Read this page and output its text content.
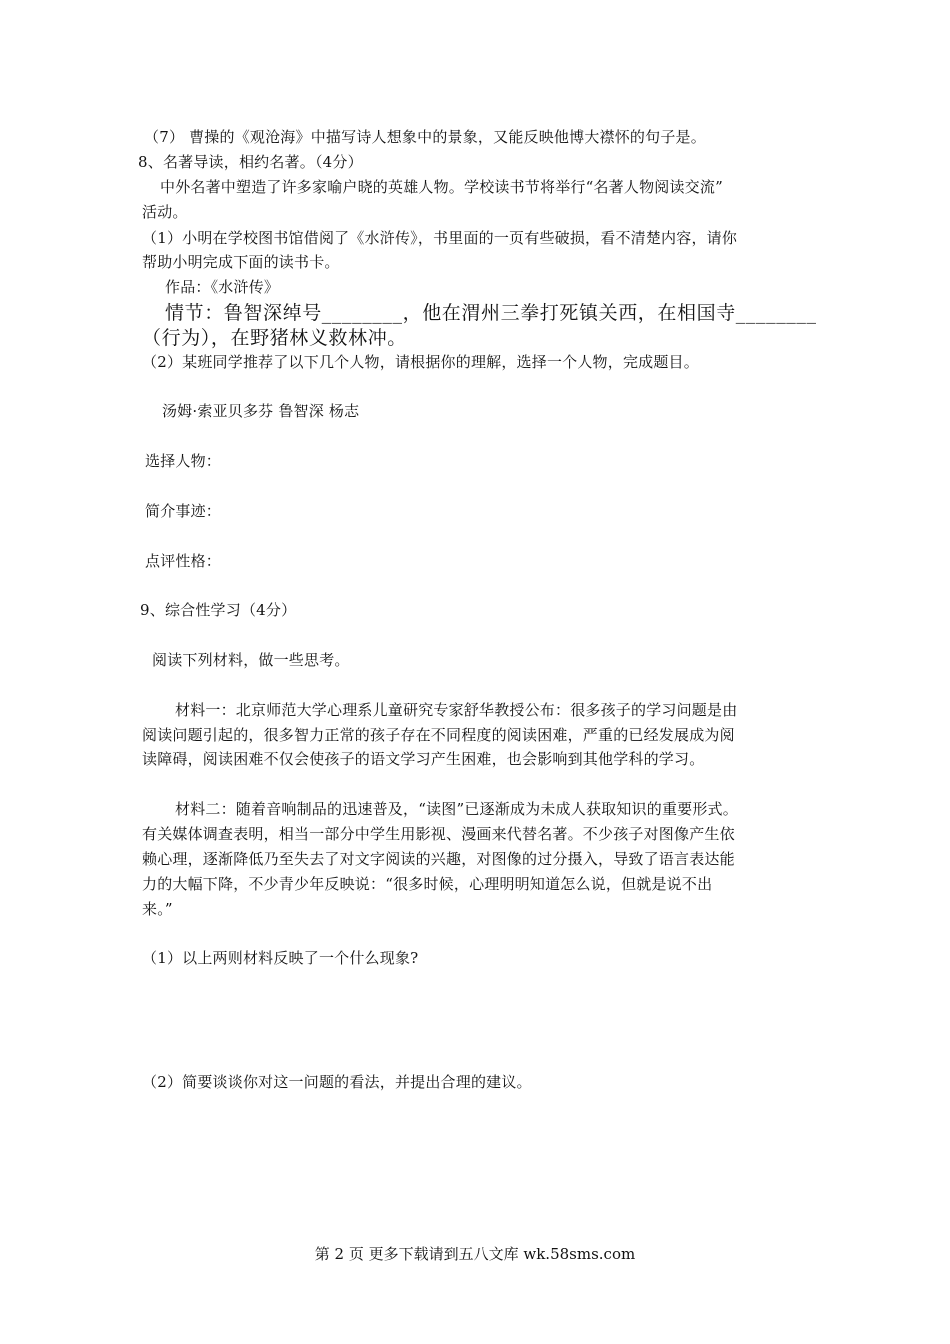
（7） 曹操的《观沧海》中描写诗人想象中的景象，又能反映他博大襟怀的句子是。
8、名著导读，相约名著。（4分）
中外名著中塑造了许多家喻户晓的英雄人物。学校读书节将举行“名著人物阅读交流”
活动。
（1）小明在学校图书馆借阅了《水浒传》，书里面的一页有些破损，看不清楚内容，请你
帮助小明完成下面的读书卡。
作品：《水浒传》
情节：鲁智深绰号________，他在渭州三拳打死镇关西，在相国寺________
（行为），在野猪林义救林冲。
（2）某班同学推荐了以下几个人物，请根据你的理解，选择一个人物，完成题目。
汤姆·索亚贝多芬 鲁智深 杨志
选择人物：
简介事迹：
点评性格：
9、综合性学习（4分）
阅读下列材料，做一些思考。
材料一：北京师范大学心理系儿童研究专家舒华教授公布：很多孩子的学习问题是由
阅读问题引起的，很多智力正常的孩子存在不同程度的阅读困难，严重的已经发展成为阅
读障碍，阅读困难不仅会使孩子的语文学习产生困难，也会影响到其他学科的学习。
材料二：随着音响制品的迅速普及，“读图”已逐渐成为未成人获取知识的重要形式。
有关媒体调查表明，相当一部分中学生用影视、漫画来代替名著。不少孩子对图像产生依
赖心理，逐渐降低乃至失去了对文字阅读的兴趣，对图像的过分摄入，导致了语言表达能
力的大幅下降，不少青少年反映说：“很多时候，心理明明知道怎么说，但就是说不出
来。”
（1）以上两则材料反映了一个什么现象?
（2）简要谈谈你对这一问题的看法，并提出合理的建议。
第 2 页 更多下载请到五八文库 wk.58sms.com
